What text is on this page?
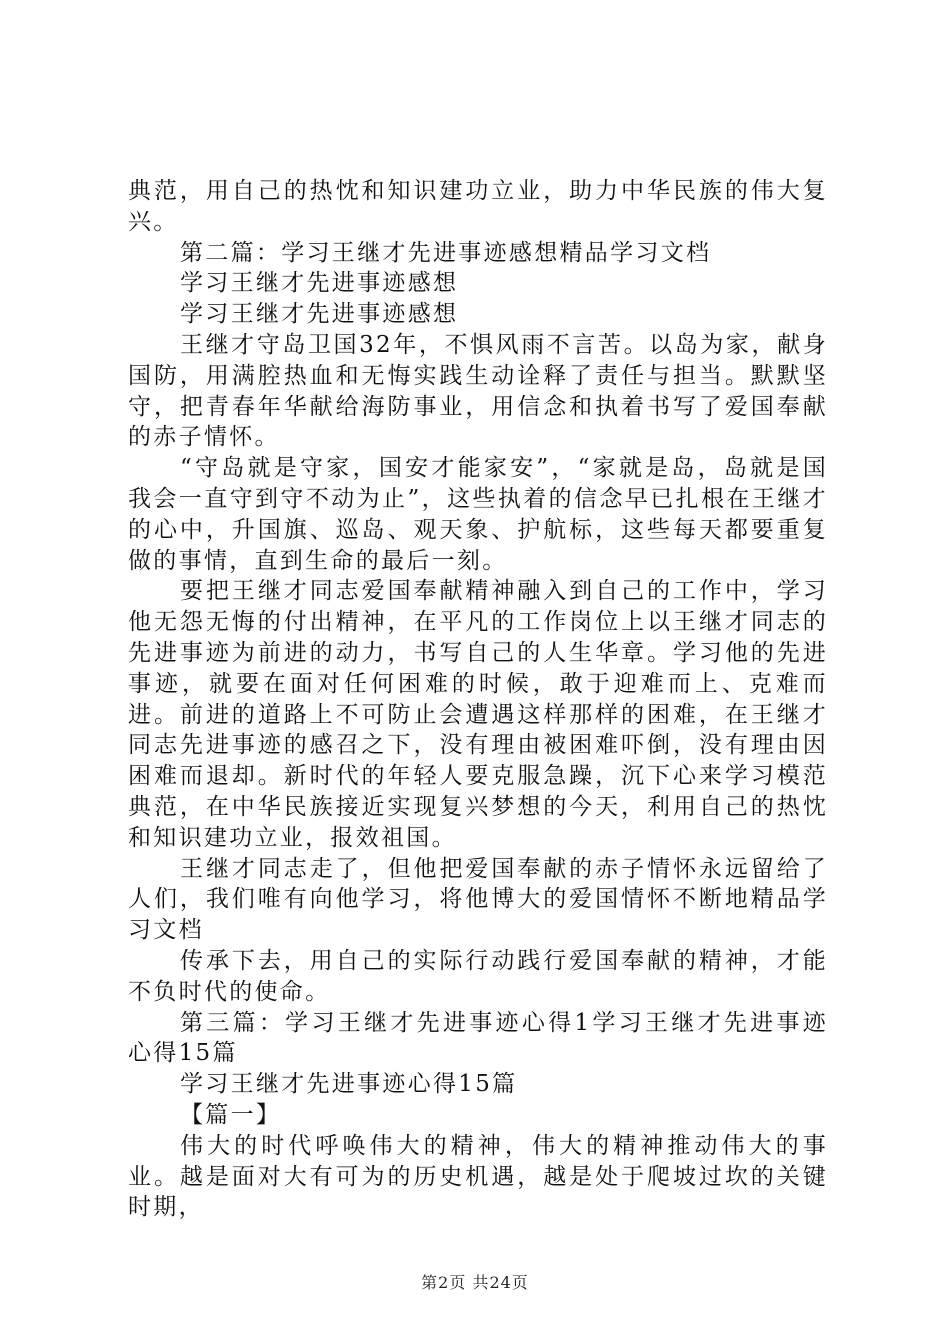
典范，用自己的热忱和知识建功立业，助力中华民族的伟大复兴。

第二篇：学习王继才先进事迹感想精品学习文档

学习王继才先进事迹感想

学习王继才先进事迹感想

王继才守岛卫国32年，不惧风雨不言苦。以岛为家，献身国防，用满腔热血和无悔实践生动诠释了责任与担当。默默坚守，把青春年华献给海防事业，用信念和执着书写了爱国奉献的赤子情怀。

“守岛就是守家，国安才能家安”，“家就是岛，岛就是国我会一直守到守不动为止”，这些执着的信念早已扎根在王继才的心中，升国旗、巡岛、观天象、护航标，这些每天都要重复做的事情，直到生命的最后一刻。

要把王继才同志爱国奉献精神融入到自己的工作中，学习他无怨无悔的付出精神，在平凡的工作岗位上以王继才同志的先进事迹为前进的动力，书写自己的人生华章。学习他的先进事迹，就要在面对任何困难的时候，敢于迎难而上、克难而进。前进的道路上不可防止会遭遇这样那样的困难，在王继才同志先进事迹的感召之下，没有理由被困难吓倒，没有理由因困难而退却。新时代的年轻人要克服急躁，沉下心来学习模范典范，在中华民族接近实现复兴梦想的今天，利用自己的热忱和知识建功立业，报效祖国。

王继才同志走了，但他把爱国奉献的赤子情怀永远留给了人们，我们唯有向他学习，将他博大的爱国情怀不断地精品学习文档

传承下去，用自己的实际行动践行爱国奉献的精神，才能不负时代的使命。

第三篇：学习王继才先进事迹心得1学习王继才先进事迹心得15篇

学习王继才先进事迹心得15篇

【篇一】

伟大的时代呼唤伟大的精神，伟大的精神推动伟大的事业。越是面对大有可为的历史机遇，越是处于爬坡过坎的关键时期，

第2页 共24页
